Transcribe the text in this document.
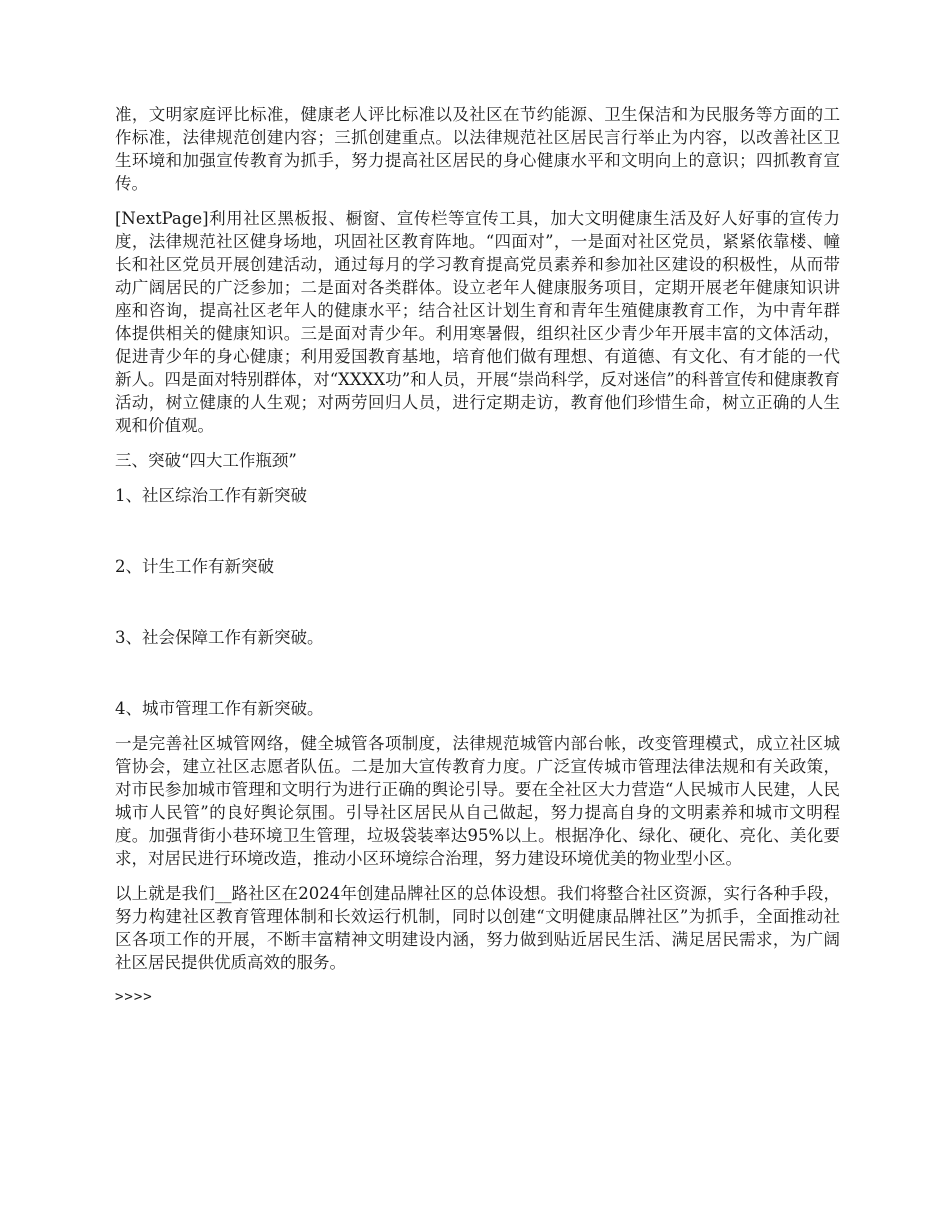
准，文明家庭评比标准，健康老人评比标准以及社区在节约能源、卫生保洁和为民服务等方面的工作标准，法律规范创建内容；三抓创建重点。以法律规范社区居民言行举止为内容，以改善社区卫生环境和加强宣传教育为抓手，努力提高社区居民的身心健康水平和文明向上的意识；四抓教育宣传。

[NextPage]利用社区黑板报、橱窗、宣传栏等宣传工具，加大文明健康生活及好人好事的宣传力度，法律规范社区健身场地，巩固社区教育阵地。“四面对”，一是面对社区党员，紧紧依靠楼、幢长和社区党员开展创建活动，通过每月的学习教育提高党员素养和参加社区建设的积极性，从而带动广阔居民的广泛参加；二是面对各类群体。设立老年人健康服务项目，定期开展老年健康知识讲座和咨询，提高社区老年人的健康水平；结合社区计划生育和青年生殖健康教育工作，为中青年群体提供相关的健康知识。三是面对青少年。利用寒暑假，组织社区少青少年开展丰富的文体活动，促进青少年的身心健康；利用爱国教育基地，培育他们做有理想、有道德、有文化、有才能的一代新人。四是面对特别群体，对“XXXX功”和人员，开展“崇尚科学，反对迷信”的科普宣传和健康教育活动，树立健康的人生观；对两劳回归人员，进行定期走访，教育他们珍惜生命，树立正确的人生观和价值观。

三、突破“四大工作瓶颈”

1、社区综治工作有新突破

2、计生工作有新突破

3、社会保障工作有新突破。

4、城市管理工作有新突破。

一是完善社区城管网络，健全城管各项制度，法律规范城管内部台帐，改变管理模式，成立社区城管协会，建立社区志愿者队伍。二是加大宣传教育力度。广泛宣传城市管理法律法规和有关政策，对市民参加城市管理和文明行为进行正确的舆论引导。要在全社区大力营造“人民城市人民建，人民城市人民管”的良好舆论氛围。引导社区居民从自己做起，努力提高自身的文明素养和城市文明程度。加强背街小巷环境卫生管理，垃圾袋装率达95%以上。根据净化、绿化、硬化、亮化、美化要求，对居民进行环境改造，推动小区环境综合治理，努力建设环境优美的物业型小区。

以上就是我们__路社区在2024年创建品牌社区的总体设想。我们将整合社区资源，实行各种手段，努力构建社区教育管理体制和长效运行机制，同时以创建“文明健康品牌社区”为抓手，全面推动社区各项工作的开展，不断丰富精神文明建设内涵，努力做到贴近居民生活、满足居民需求，为广阔社区居民提供优质高效的服务。

>>>>
